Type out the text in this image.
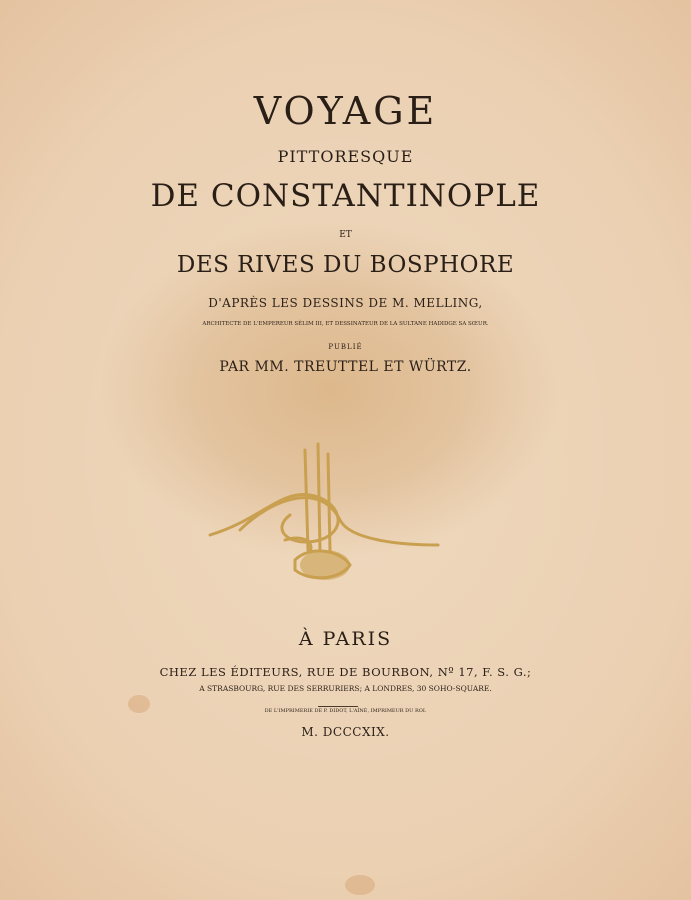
VOYAGE
PITTORESQUE
DE CONSTANTINOPLE
ET
DES RIVES DU BOSPHORE
D'APRÈS LES DESSINS DE M. MELLING,
ARCHITECTE DE L'EMPEREUR SÉLIM III, ET DESSINATEUR DE LA SULTANE HADIDGE SA SŒUR.
PUBLIÉ
PAR MM. TREUTTEL ET WÜRTZ.
À PARIS
CHEZ LES ÉDITEURS, RUE DE BOURBON, Nº 17, F. S. G.;
A STRASBOURG, RUE DES SERRURIERS; A LONDRES, 30 SOHO-SQUARE.
DE L'IMPRIMERIE DE P. DIDOT, L'AÎNÉ, IMPRIMEUR DU ROI.
M. DCCCXIX.
